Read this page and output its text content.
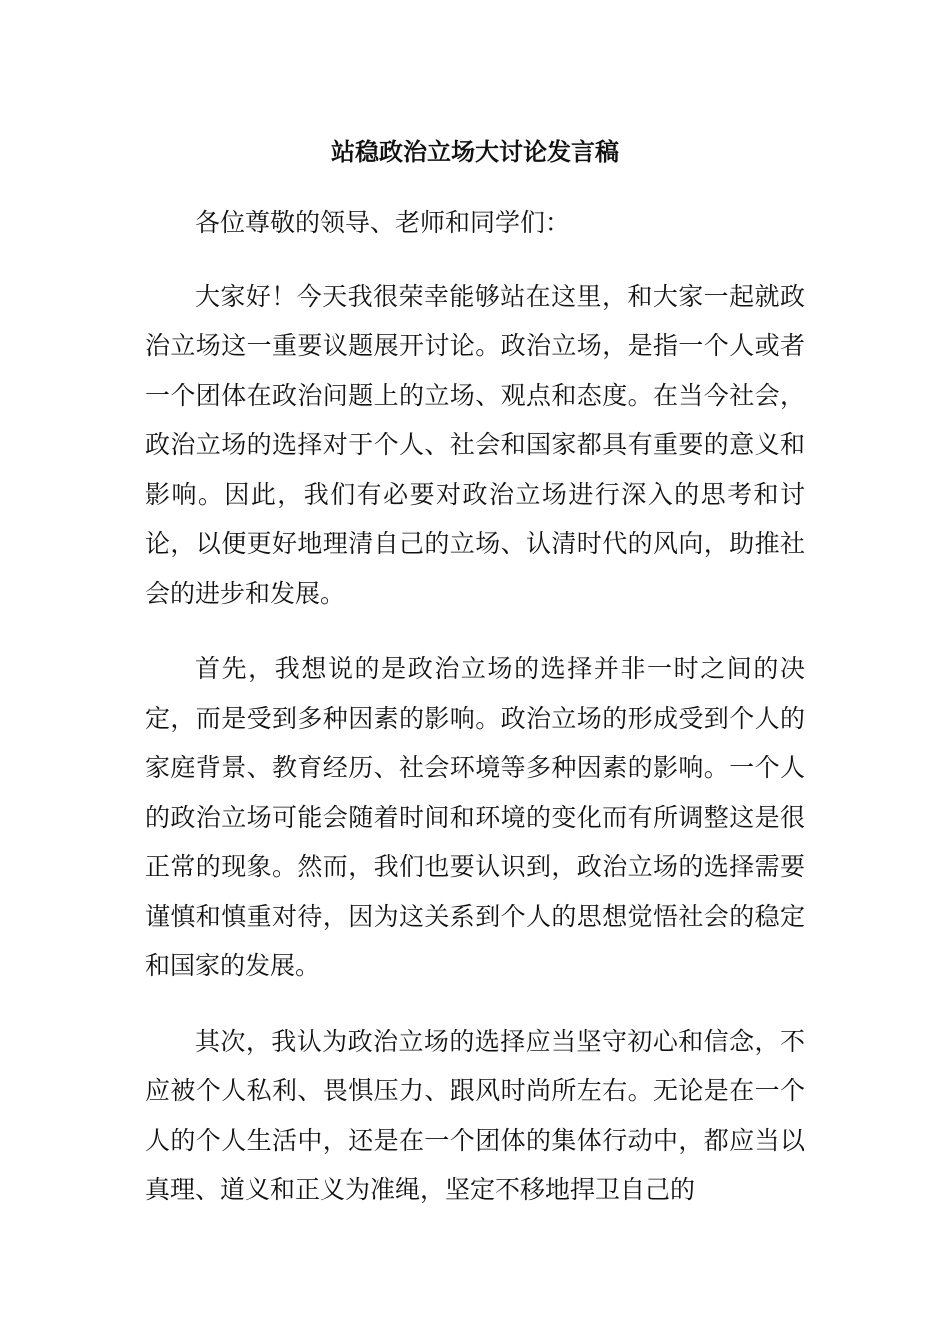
站稳政治立场大讨论发言稿

各位尊敬的领导、老师和同学们：

大家好！今天我很荣幸能够站在这里，和大家一起就政治立场这一重要议题展开讨论。政治立场，是指一个人或者一个团体在政治问题上的立场、观点和态度。在当今社会，政治立场的选择对于个人、社会和国家都具有重要的意义和影响。因此，我们有必要对政治立场进行深入的思考和讨论，以便更好地理清自己的立场、认清时代的风向，助推社会的进步和发展。

首先，我想说的是政治立场的选择并非一时之间的决定，而是受到多种因素的影响。政治立场的形成受到个人的家庭背景、教育经历、社会环境等多种因素的影响。一个人的政治立场可能会随着时间和环境的变化而有所调整这是很正常的现象。然而，我们也要认识到，政治立场的选择需要谨慎和慎重对待，因为这关系到个人的思想觉悟社会的稳定和国家的发展。

其次，我认为政治立场的选择应当坚守初心和信念，不应被个人私利、畏惧压力、跟风时尚所左右。无论是在一个人的个人生活中，还是在一个团体的集体行动中，都应当以真理、道义和正义为准绳，坚定不移地捍卫自己的
